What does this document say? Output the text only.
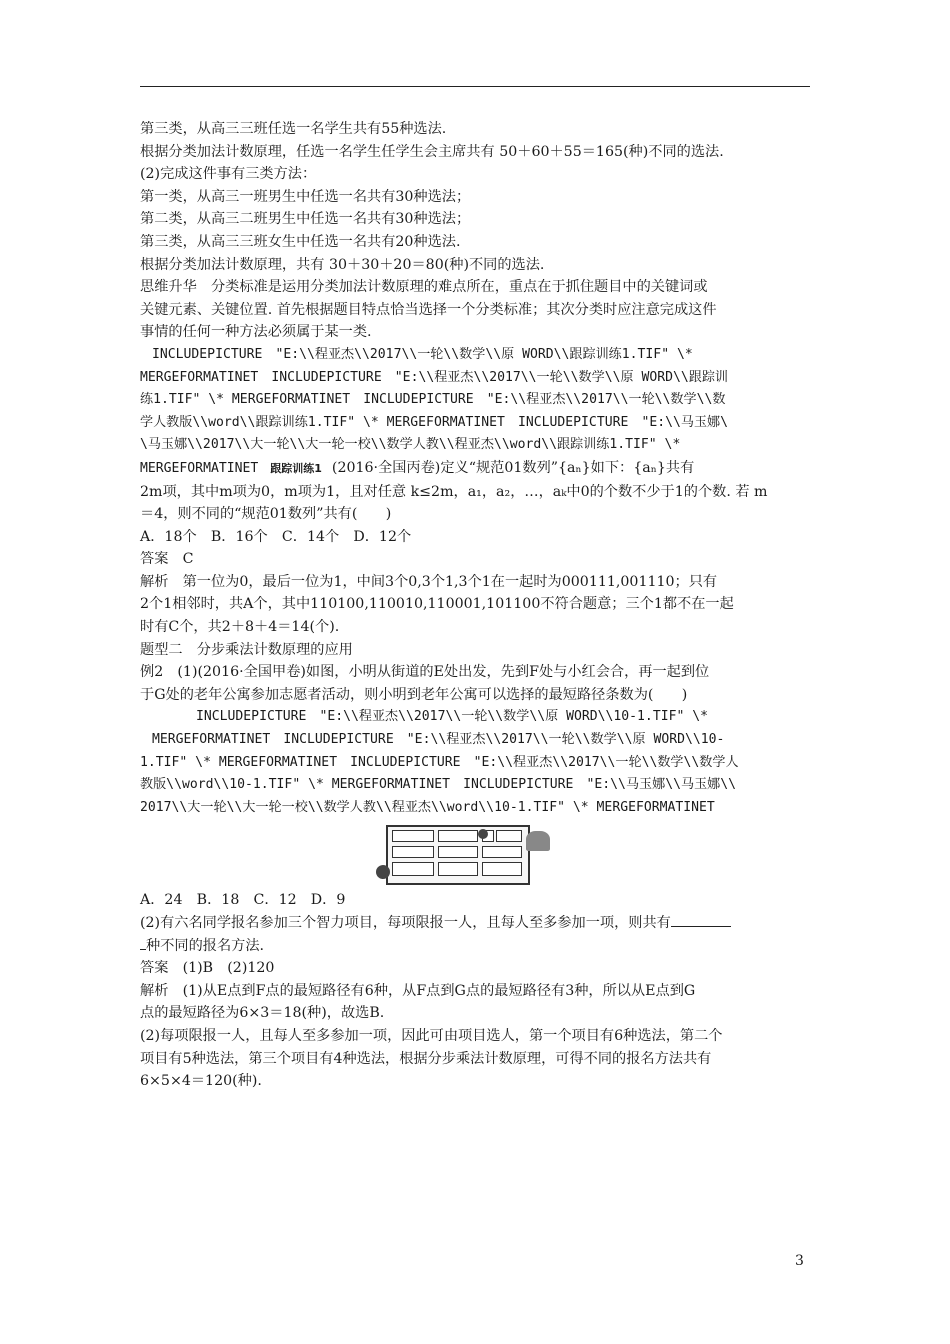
第三类，从高三三班任选一名学生共有55种选法.
根据分类加法计数原理，任选一名学生任学生会主席共有 50＋60＋55＝165(种)不同的选法.
(2)完成这件事有三类方法：
第一类，从高三一班男生中任选一名共有30种选法；
第二类，从高三二班男生中任选一名共有30种选法；
第三类，从高三三班女生中任选一名共有20种选法.
根据分类加法计数原理，共有 30＋30＋20＝80(种)不同的选法.
思维升华　分类标准是运用分类加法计数原理的难点所在，重点在于抓住题目中的关键词或
关键元素、关键位置. 首先根据题目特点恰当选择一个分类标准；其次分类时应注意完成这件
事情的任何一种方法必须属于某一类.
INCLUDEPICTURE　"E:\\程亚杰\\2017\\一轮\\数学\\原 WORD\\跟踪训练1.TIF" \*
MERGEFORMATINET　INCLUDEPICTURE　"E:\\程亚杰\\2017\\一轮\\数学\\原 WORD\\跟踪训
练1.TIF" \* MERGEFORMATINET　INCLUDEPICTURE　"E:\\程亚杰\\2017\\一轮\\数学\\数
学人教版\\word\\跟踪训练1.TIF" \* MERGEFORMATINET　INCLUDEPICTURE　"E:\\马玉娜\
\马玉娜\\2017\\大一轮\\大一轮一校\\数学人教\\程亚杰\\word\\跟踪训练1.TIF" \*
MERGEFORMATINET 跟踪训练1 (2016·全国丙卷)定义“规范01数列”{aₙ}如下：{aₙ}共有
2m项，其中m项为0，m项为1，且对任意 k≤2m，a₁，a₂，…，aₖ中0的个数不少于1的个数. 若 m
＝4，则不同的“规范01数列”共有(　　)
A．18个　B．16个　C．14个　D．12个
答案　C
解析　第一位为0，最后一位为1，中间3个0,3个1,3个1在一起时为000111,001110；只有
2个1相邻时，共A个，其中110100,110010,110001,101100不符合题意；三个1都不在一起
时有C个，共2＋8＋4＝14(个).
题型二　分步乘法计数原理的应用
例2　(1)(2016·全国甲卷)如图，小明从街道的E处出发，先到F处与小红会合，再一起到位
于G处的老年公寓参加志愿者活动，则小明到老年公寓可以选择的最短路径条数为(　　)
INCLUDEPICTURE　"E:\\程亚杰\\2017\\一轮\\数学\\原 WORD\\10-1.TIF" \*
MERGEFORMATINET　INCLUDEPICTURE　"E:\\程亚杰\\2017\\一轮\\数学\\原 WORD\\10-
1.TIF" \* MERGEFORMATINET　INCLUDEPICTURE　"E:\\程亚杰\\2017\\一轮\\数学\\数学人
教版\\word\\10-1.TIF" \* MERGEFORMATINET　INCLUDEPICTURE　"E:\\马玉娜\\马玉娜\\
2017\\大一轮\\大一轮一校\\数学人教\\程亚杰\\word\\10-1.TIF" \* MERGEFORMATINET
A．24　B．18　C．12　D．9
(2)有六名同学报名参加三个智力项目，每项限报一人，且每人至多参加一项，则共有
种不同的报名方法.
答案　(1)B　(2)120
解析　(1)从E点到F点的最短路径有6种，从F点到G点的最短路径有3种，所以从E点到G
点的最短路径为6×3＝18(种)，故选B.
(2)每项限报一人，且每人至多参加一项，因此可由项目选人，第一个项目有6种选法，第二个
项目有5种选法，第三个项目有4种选法，根据分步乘法计数原理，可得不同的报名方法共有
6×5×4＝120(种).
3
